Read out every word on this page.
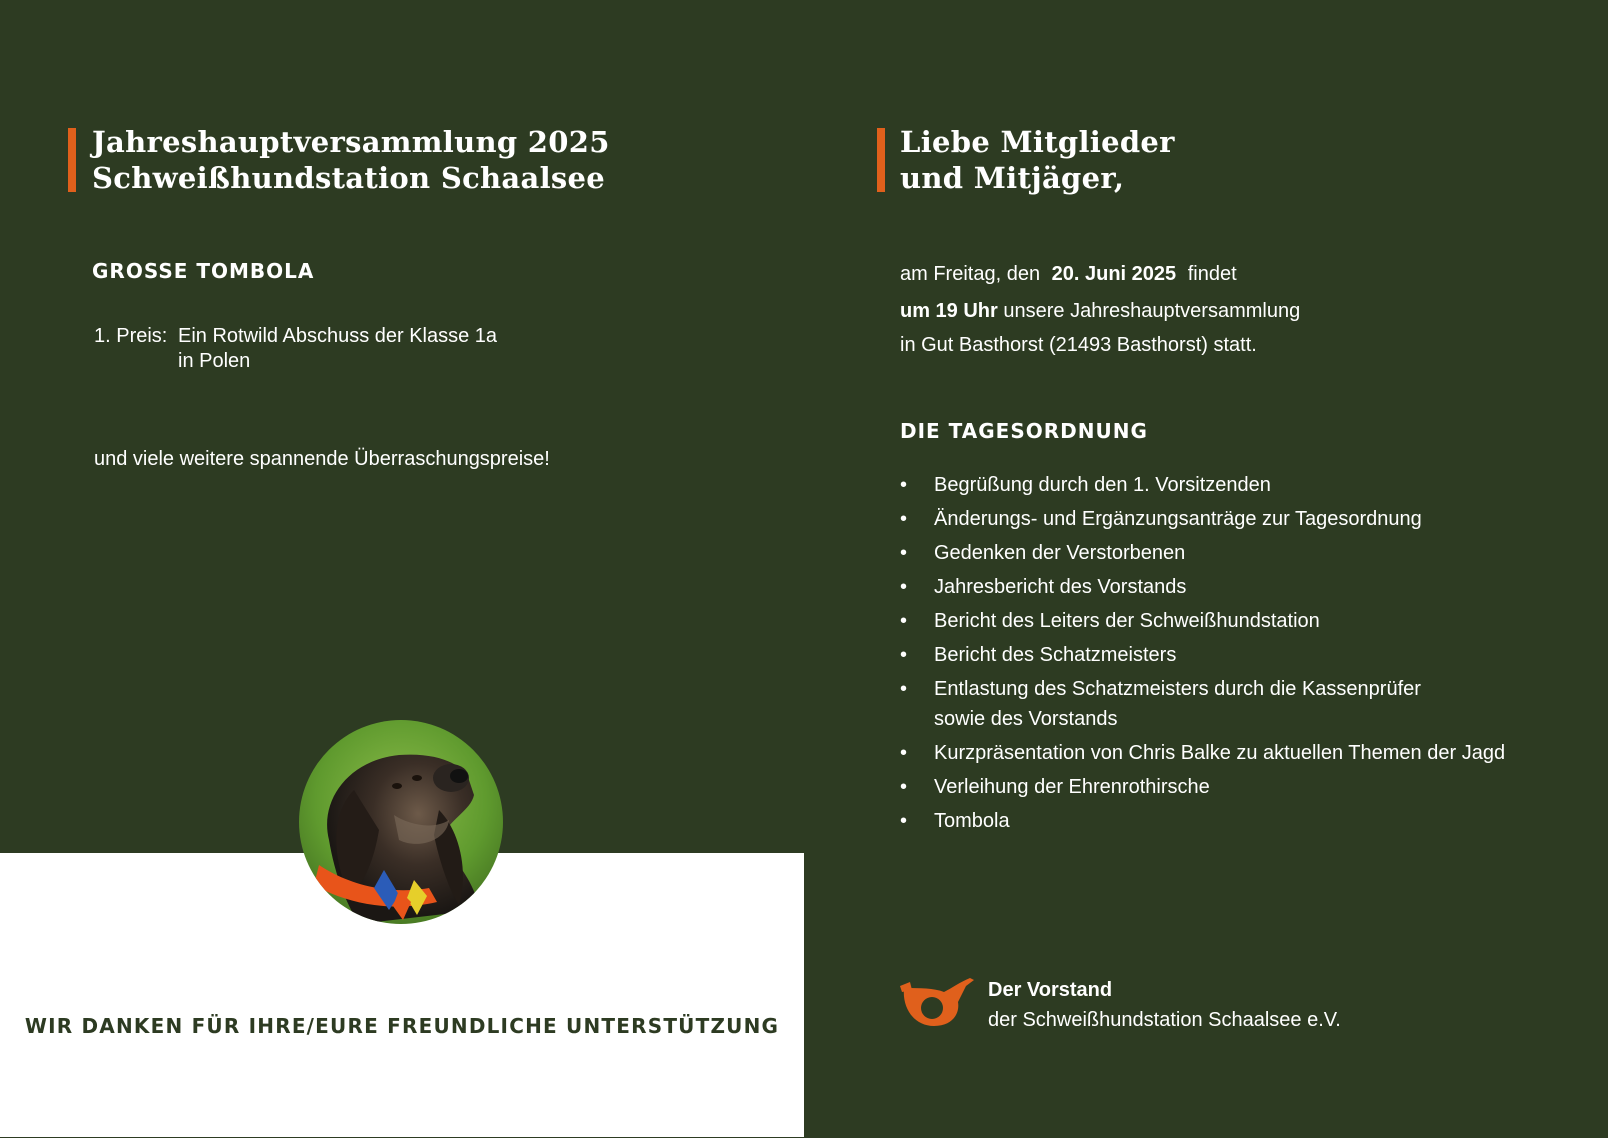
Jahreshauptversammlung 2025
Schweißhundstation Schaalsee
GROSSE TOMBOLA
1. Preis: Ein Rotwild Abschuss der Klasse 1a
in Polen
und viele weitere spannende Überraschungspreise!
WIR DANKEN FÜR IHRE/EURE FREUNDLICHE UNTERSTÜTZUNG
Liebe Mitglieder
und Mitjäger,
am Freitag, den 20. Juni 2025 findet
um 19 Uhr unsere Jahreshauptversammlung
in Gut Basthorst (21493 Basthorst) statt.
DIE TAGESORDNUNG
• Begrüßung durch den 1. Vorsitzenden
• Änderungs- und Ergänzungsanträge zur Tagesordnung
• Gedenken der Verstorbenen
• Jahresbericht des Vorstands
• Bericht des Leiters der Schweißhundstation
• Bericht des Schatzmeisters
• Entlastung des Schatzmeisters durch die Kassenprüfer
sowie des Vorstands
• Kurzpräsentation von Chris Balke zu aktuellen Themen der Jagd
• Verleihung der Ehrenrothirsche
• Tombola
Der Vorstand
der Schweißhundstation Schaalsee e.V.
